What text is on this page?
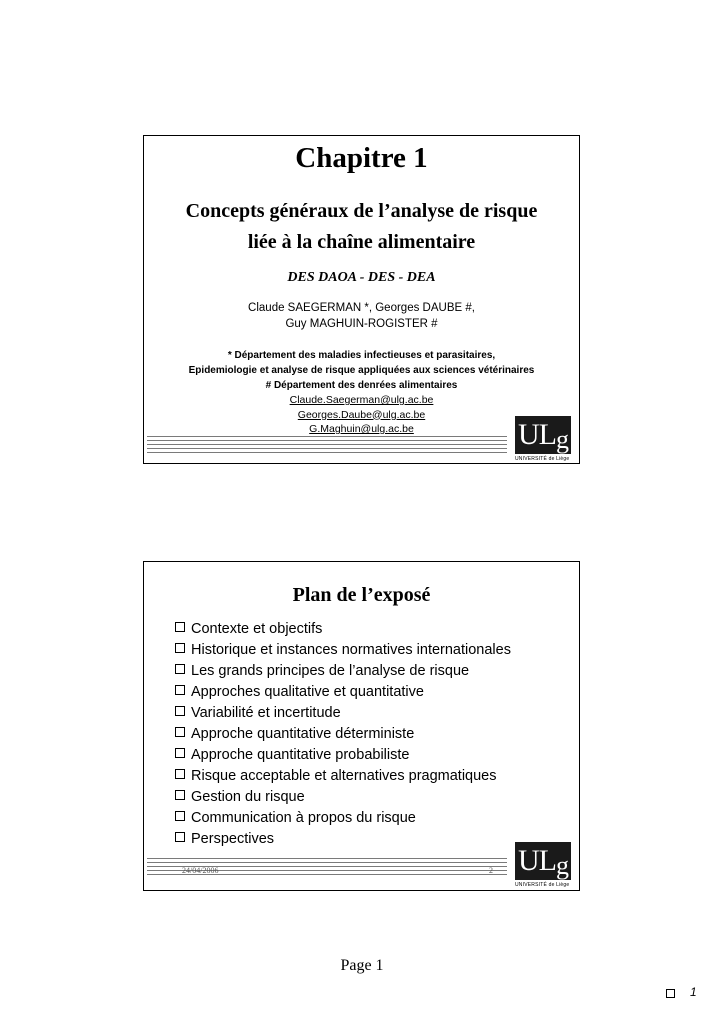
Chapitre 1
Concepts généraux de l’analyse de risque
liée à la chaîne alimentaire
DES DAOA - DES - DEA
Claude SAEGERMAN *, Georges DAUBE #,
Guy MAGHUIN-ROGISTER #
* Département des maladies infectieuses et parasitaires,
Epidemiologie et analyse de risque appliquées aux sciences vétérinaires
# Département des denrées alimentaires
Claude.Saegerman@ulg.ac.be
Georges.Daube@ulg.ac.be
G.Maghuin@ulg.ac.be	ULg
UNIVERSITÉ de Liège
Plan de l’exposé
Contexte et objectifs
Historique et instances normatives internationales
Les grands principes de l’analyse de risque
Approches qualitative et quantitative
Variabilité et incertitude
Approche quantitative déterministe
Approche quantitative probabiliste
Risque acceptable et alternatives pragmatiques
Gestion du risque
Communication à propos du risque
Perspectives
24/04/2006	2 ULg
UNIVERSITÉ de Liège
Page 1
1
